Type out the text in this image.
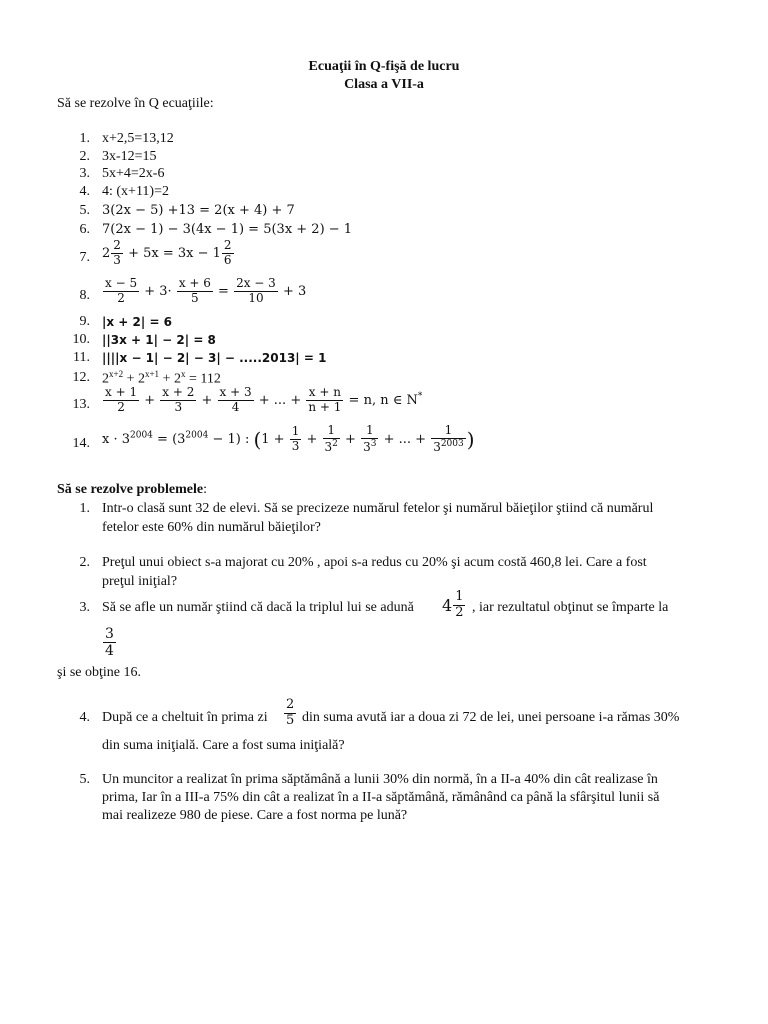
Ecuaţii în Q-fişă de lucru
Clasa a VII-a
Să se rezolve în Q ecuaţiile:
1. x+2,5=13,12
2. 3x-12=15
3. 5x+4=2x-6
4. 4: (x+11)=2
5. 3(2x − 5) +13 = 2(x + 4) + 7
6. 7(2x − 1) − 3(4x − 1) = 5(3x + 2) − 1
7. $2 \frac{2}{3} + 5x = 3x - 1 \frac{2}{6}$
8. $\frac{x - 5}{2} + 3\cdot \frac{x + 6}{5} = \frac{2x - 3}{10} + 3$
9. |x + 2| = 6
10. ||3x + 1| − 2| = 8
11. ||||x − 1| − 2| − 3| − .....2013| = 1
12. $2^{x+2} + 2^{x+1} + 2^x = 112$
13. $\frac{x + 1}{2} + \frac{x + 2}{3} + \frac{x + 3}{4}$ + ... + $\frac{x + n}{n + 1} = n$, n ∈ N*
14. $x \cdot 3^{2004} = (3^{2004} - 1)$ : ($1 + \frac{1}{3} + \frac{1}{3^2} + \frac{1}{3^3}$ + ... + $\frac{1}{3^{2003}}$ )
Să se rezolve problemele:
1. Intr-o clasă sunt 32 de elevi. Să se precizeze numărul fetelor şi numărul băieţilor ştiind că numărul
fetelor este 60% din numărul băieţilor?
2. Preţul unui obiect s-a majorat cu 20% , apoi s-a redus cu 20% şi acum costă 460,8 lei. Care a fost
preţul iniţial?
3. Să se afle un număr ştiind că dacă la triplul lui se adună $4 \frac{1}{2}$ , iar rezultatul obţinut se împarte la
$\frac{3}{4}$
şi se obţine 16.
4. După ce a cheltuit în prima zi $\frac{2}{5}$ din suma avută iar a doua zi 72 de lei, unei persoane i-a rămas 30%
din suma iniţială. Care a fost suma iniţială?
5. Un muncitor a realizat în prima săptămână a lunii 30% din normă, în a II-a 40% din cât realizase în
prima, Iar în a III-a 75% din cât a realizat în a II-a săptămână, rămânând ca până la sfârşitul lunii să
mai realizeze 980 de piese. Care a fost norma pe lună?
